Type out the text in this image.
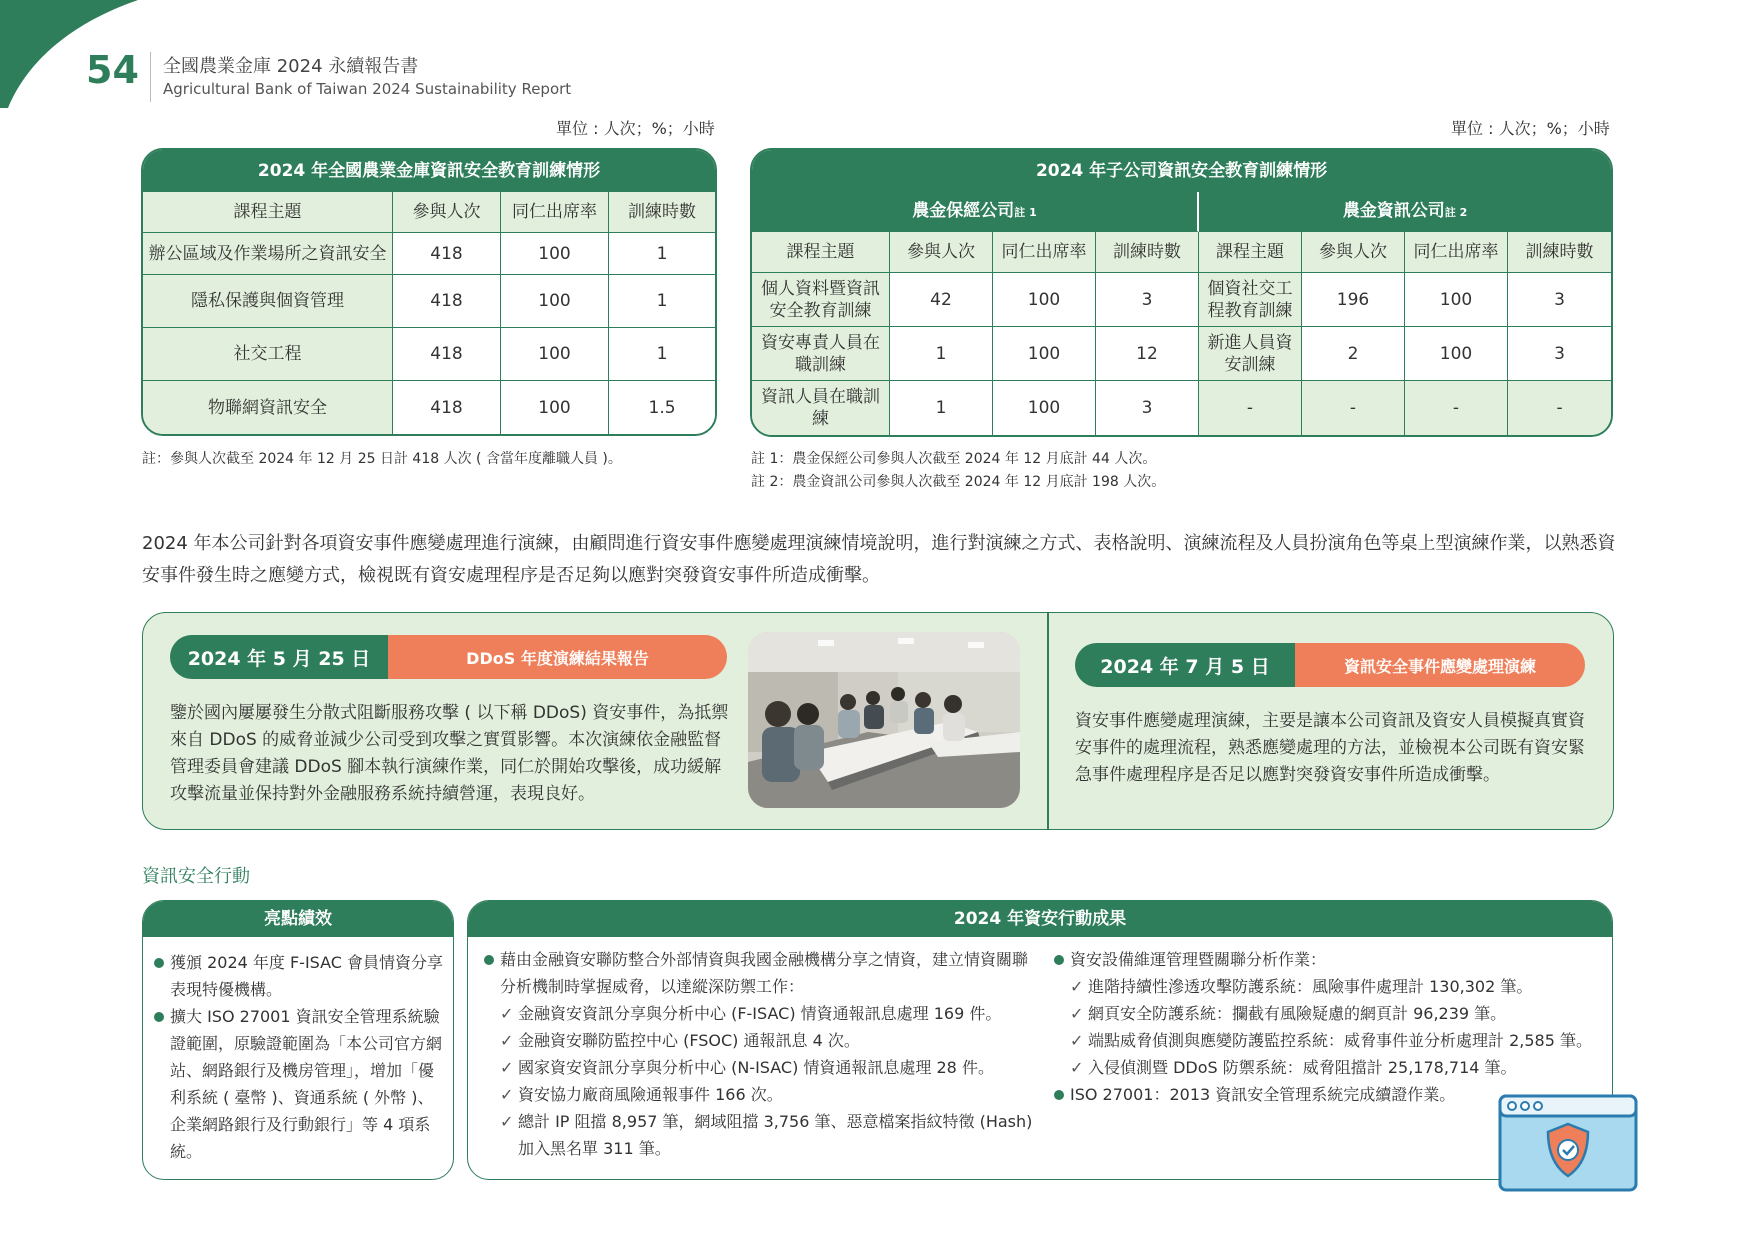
54 全國農業金庫 2024 永續報告書
Agricultural Bank of Taiwan 2024 Sustainability Report
單位 : 人次；%；小時
2024 年全國農業金庫資訊安全教育訓練情形			
課程主題	參與人次	同仁出席率	訓練時數
辦公區域及作業場所之資訊安全	418	100	1
隱私保護與個資管理	418	100	1
社交工程	418	100	1
物聯網資訊安全	418	100	1.5
註：參與人次截至 2024 年 12 月 25 日計 418 人次 ( 含當年度離職人員 )。
單位 : 人次；%；小時
2024 年子公司資訊安全教育訓練情形							
農金保經公司註 1				農金資訊公司註 2			
課程主題	參與人次	同仁出席率	訓練時數	課程主題	參與人次	同仁出席率	訓練時數
個人資料暨資訊安全教育訓練	42	100	3	個資社交工程教育訓練	196	100	3
資安專責人員在職訓練	1	100	12	新進人員資安訓練	2	100	3
資訊人員在職訓練	1	100	3	-	-	-	-
註 1：農金保經公司參與人次截至 2024 年 12 月底計 44 人次。
註 2：農金資訊公司參與人次截至 2024 年 12 月底計 198 人次。
2024 年本公司針對各項資安事件應變處理進行演練，由顧問進行資安事件應變處理演練情境說明，進行對演練之方式、表格說明、演練流程及人員扮演角色等桌上型演練作業，以熟悉資安事件發生時之應變方式，檢視既有資安處理程序是否足夠以應對突發資安事件所造成衝擊。
2024 年 5 月 25 日	DDoS 年度演練結果報告
鑒於國內屢屢發生分散式阻斷服務攻擊 ( 以下稱 DDoS) 資安事件，為抵禦來自 DDoS 的威脅並減少公司受到攻擊之實質影響。本次演練依金融監督管理委員會建議 DDoS 腳本執行演練作業，同仁於開始攻擊後，成功緩解攻擊流量並保持對外金融服務系統持續營運，表現良好。
2024 年 7 月 5 日	資訊安全事件應變處理演練
資安事件應變處理演練，主要是讓本公司資訊及資安人員模擬真實資安事件的處理流程，熟悉應變處理的方法，並檢視本公司既有資安緊急事件處理程序是否足以應對突發資安事件所造成衝擊。
資訊安全行動
亮點績效
獲頒 2024 年度 F-ISAC 會員情資分享表現特優機構。
擴大 ISO 27001 資訊安全管理系統驗證範圍，原驗證範圍為「本公司官方網站、網路銀行及機房管理」，增加「優利系統 ( 臺幣 )、資通系統 ( 外幣 )、企業網路銀行及行動銀行」等 4 項系統。
2024 年資安行動成果
藉由金融資安聯防整合外部情資與我國金融機構分享之情資，建立情資關聯分析機制時掌握威脅，以達縱深防禦工作：
✓ 金融資安資訊分享與分析中心 (F-ISAC) 情資通報訊息處理 169 件。
✓ 金融資安聯防監控中心 (FSOC) 通報訊息 4 次。
✓ 國家資安資訊分享與分析中心 (N-ISAC) 情資通報訊息處理 28 件。
✓ 資安協力廠商風險通報事件 166 次。
✓ 總計 IP 阻擋 8,957 筆，網域阻擋 3,756 筆、惡意檔案指紋特徵 (Hash) 加入黑名單 311 筆。
資安設備維運管理暨關聯分析作業：
✓ 進階持續性滲透攻擊防護系統：風險事件處理計 130,302 筆。
✓ 網頁安全防護系統：攔截有風險疑慮的網頁計 96,239 筆。
✓ 端點威脅偵測與應變防護監控系統：威脅事件並分析處理計 2,585 筆。
✓ 入侵偵測暨 DDoS 防禦系統：威脅阻擋計 25,178,714 筆。
ISO 27001：2013 資訊安全管理系統完成續證作業。
